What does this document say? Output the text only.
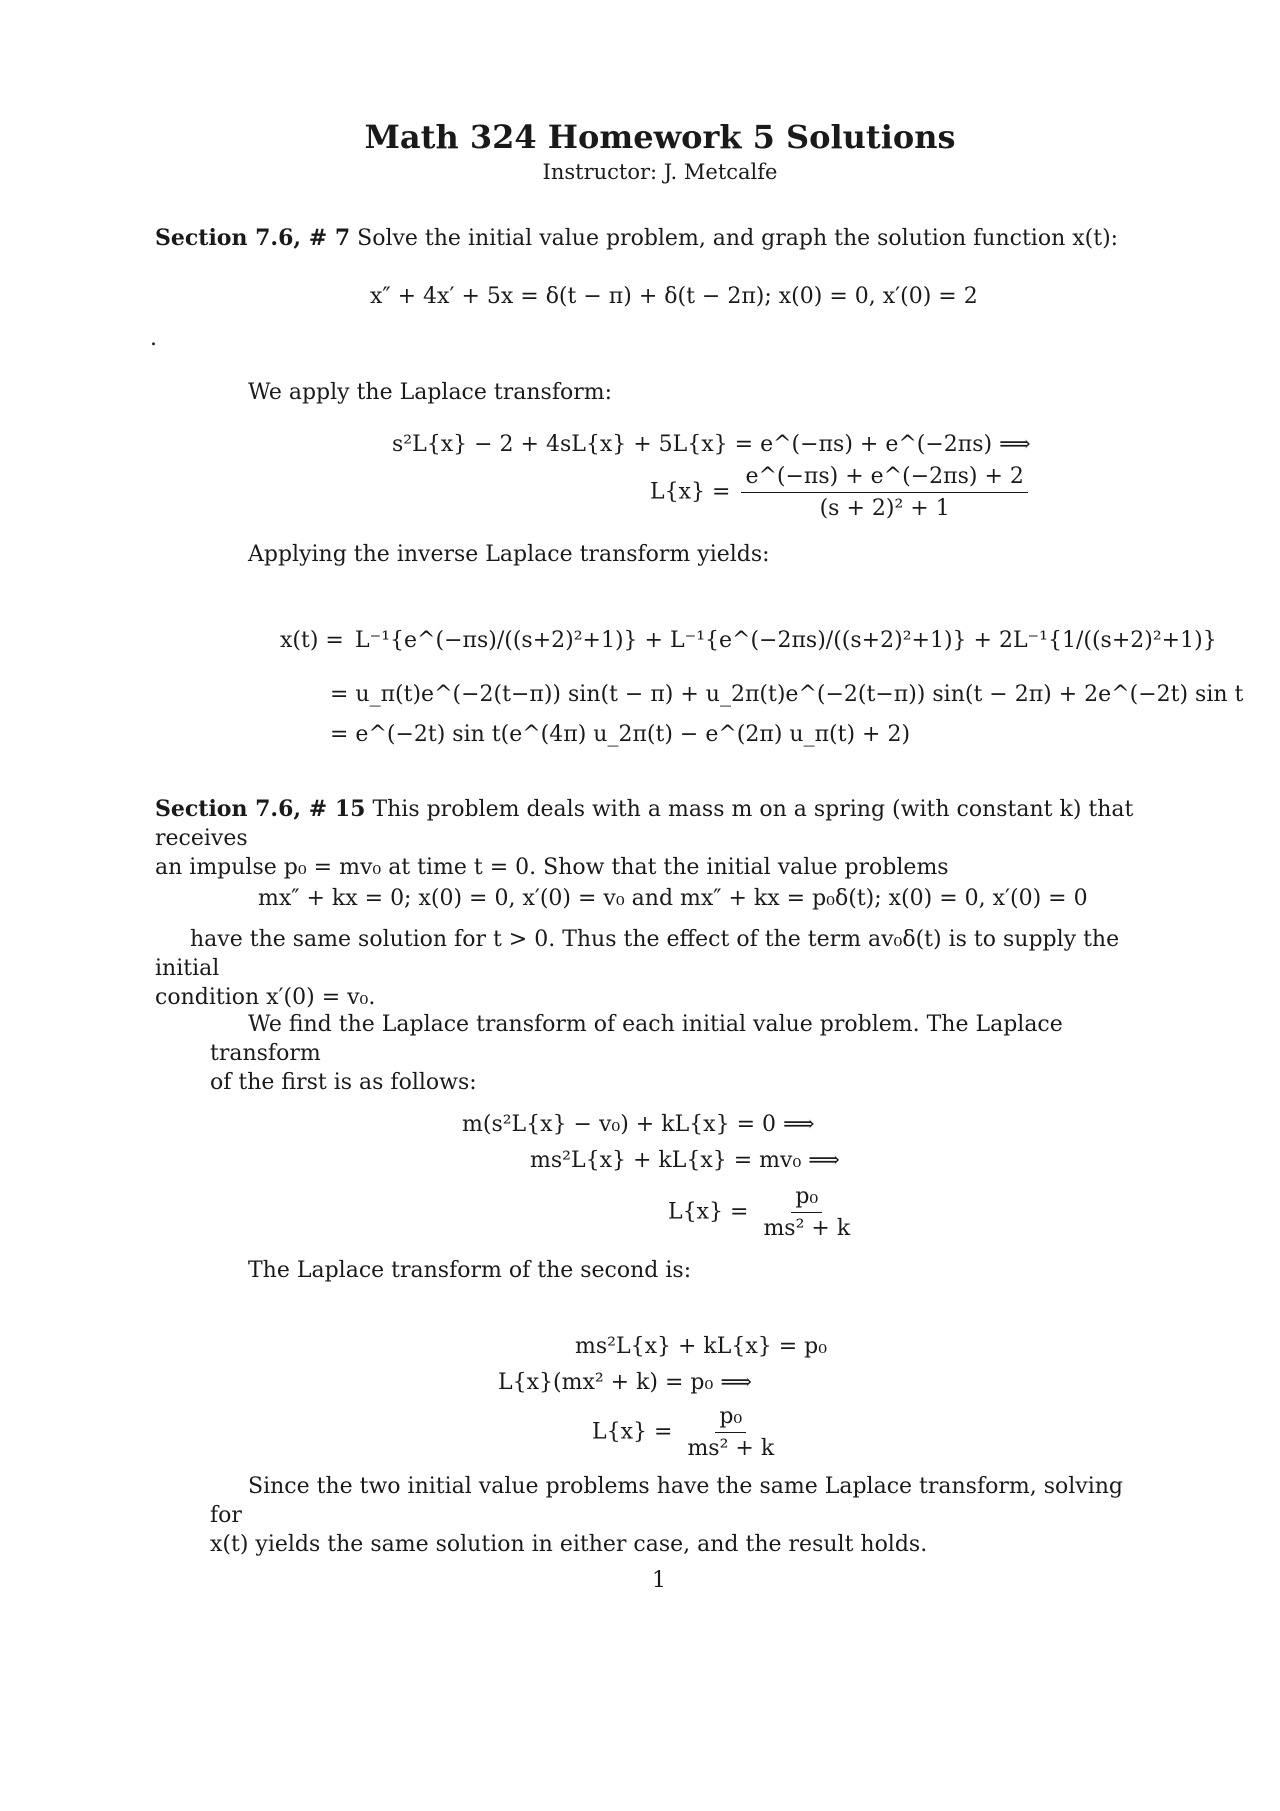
Math 324 Homework 5 Solutions
Instructor: J. Metcalfe
Section 7.6, # 7 Solve the initial value problem, and graph the solution function x(t):
x″ + 4x′ + 5x = δ(t − π) + δ(t − 2π); x(0) = 0, x′(0) = 2
.
We apply the Laplace transform:
s²L{x} − 2 + 4sL{x} + 5L{x} = e^(−πs) + e^(−2πs) ⟹
$L\{x\} = \frac{e\^{}(-\pi s) + e\^{}(-2\pi s) + 2}{\text{(s + 2)² + 1}}$
Applying the inverse Laplace transform yields:
x(t) = L⁻¹{e^(−πs)/((s+2)²+1)} + L⁻¹{e^(−2πs)/((s+2)²+1)} + 2L⁻¹{1/((s+2)²+1)}
= u_π(t)e^(−2(t−π)) sin(t − π) + u_2π(t)e^(−2(t−π)) sin(t − 2π) + 2e^(−2t) sin t
= e^(−2t) sin t(e^(4π) u_2π(t) − e^(2π) u_π(t) + 2)
Section 7.6, # 15 This problem deals with a mass m on a spring (with constant k) that receives
an impulse p₀ = mv₀ at time t = 0. Show that the initial value problems
mx″ + kx = 0; x(0) = 0, x′(0) = v₀ and mx″ + kx = p₀δ(t); x(0) = 0, x′(0) = 0
have the same solution for t > 0. Thus the effect of the term av₀δ(t) is to supply the initial
condition x′(0) = v₀.
We find the Laplace transform of each initial value problem. The Laplace transform
of the first is as follows:
m(s²L{x} − v₀) + kL{x} = 0 ⟹
ms²L{x} + kL{x} = mv₀ ⟹
$L\{x\} = \frac{\text{p₀}}{\text{ms² + k}}$
The Laplace transform of the second is:
ms²L{x} + kL{x} = p₀
L{x}(mx² + k) = p₀ ⟹
$L\{x\} = \frac{\text{p₀}}{\text{ms² + k}}$
Since the two initial value problems have the same Laplace transform, solving for
x(t) yields the same solution in either case, and the result holds.
1
